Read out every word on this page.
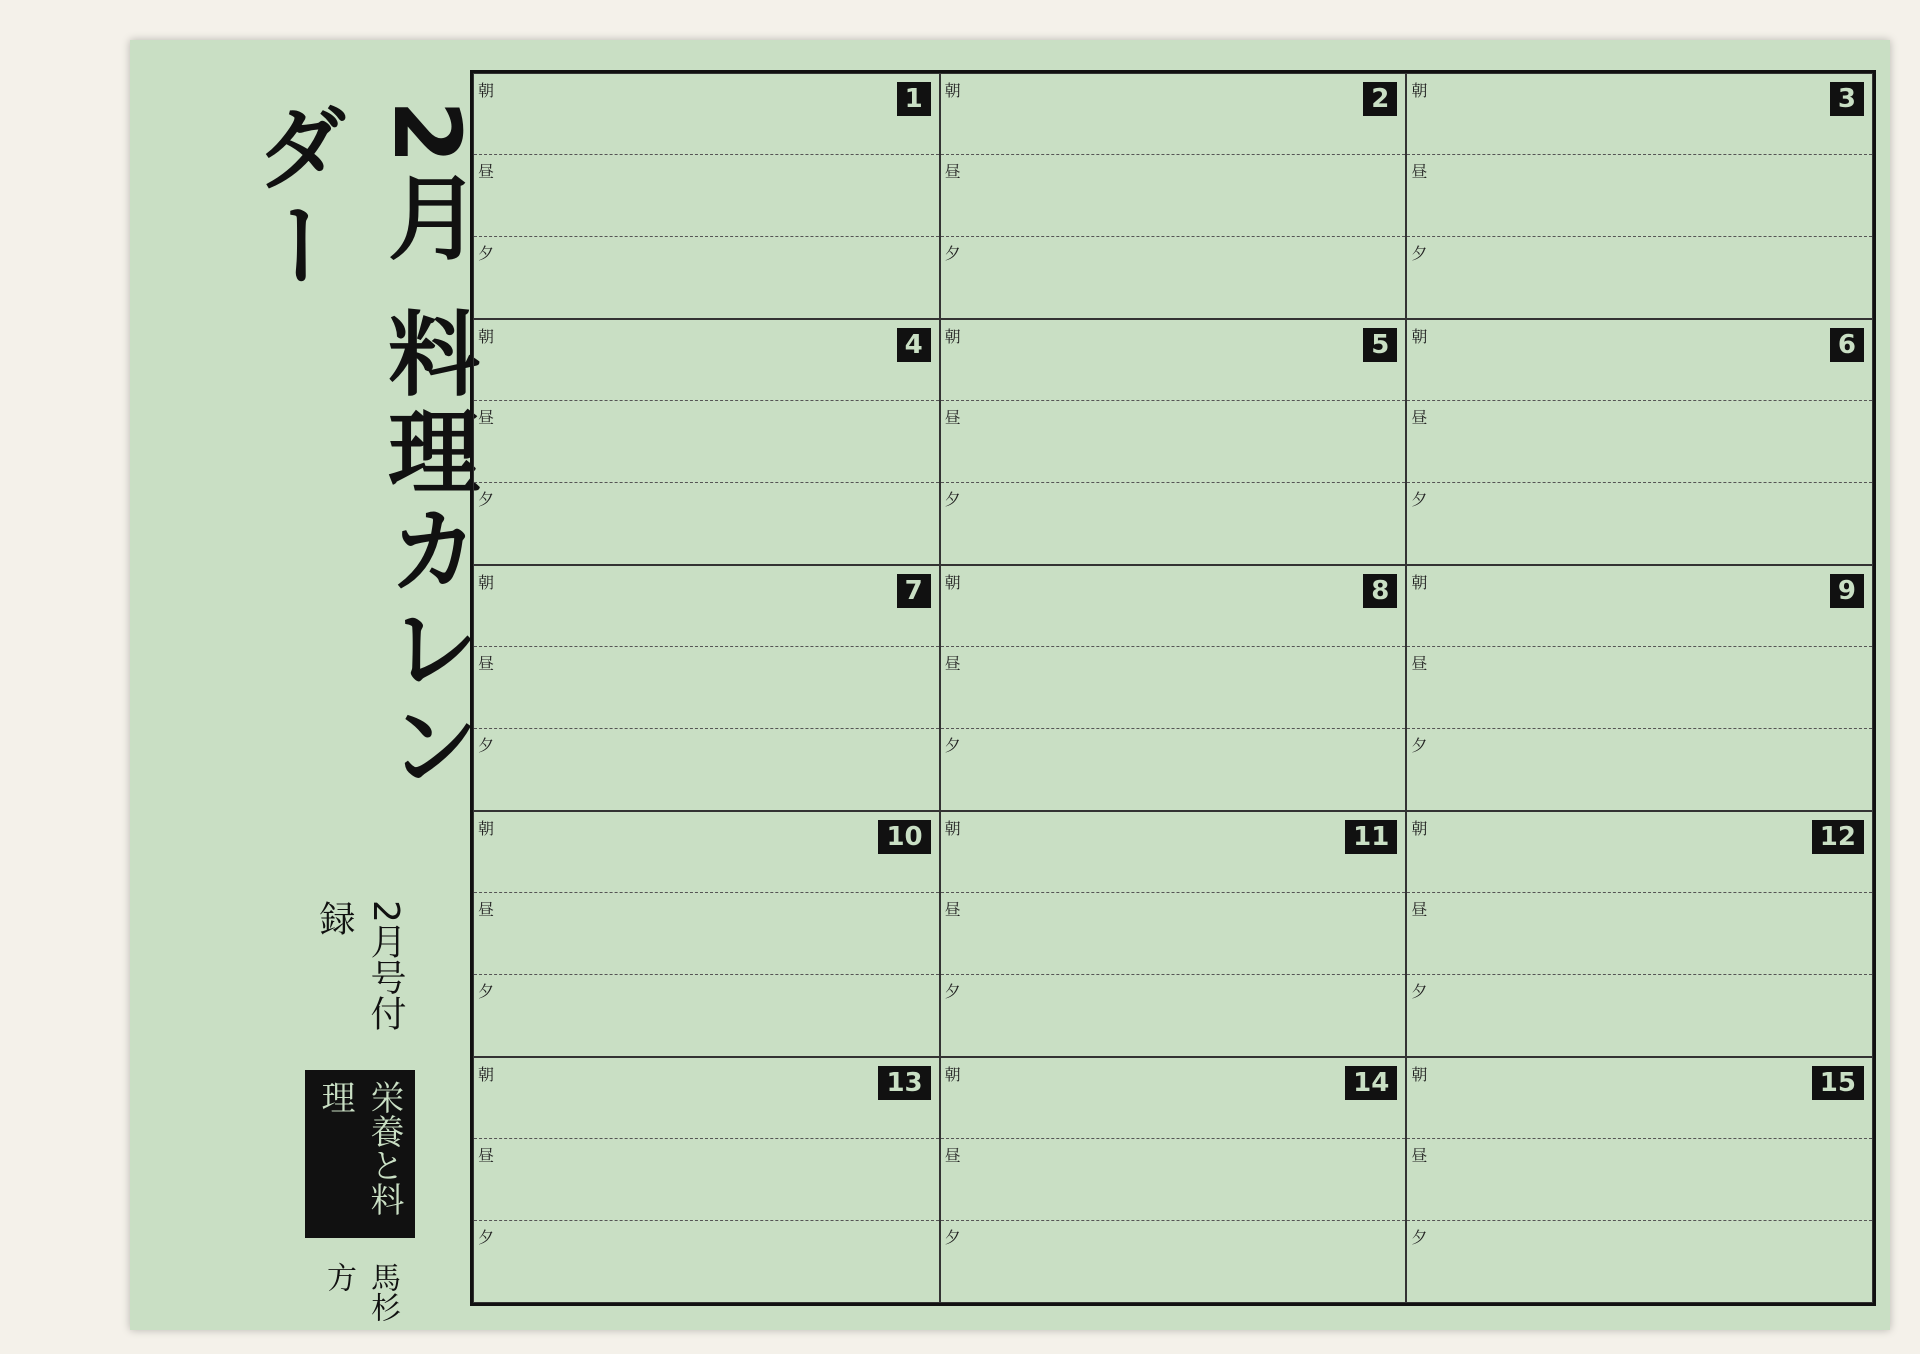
2月 料理カレンダー
2月号付録
栄養と料理
馬杉方
1
朝
昼
夕
2
朝
昼
夕
3
朝
昼
夕
4
朝
昼
夕
5
朝
昼
夕
6
朝
昼
夕
7
朝
昼
夕
8
朝
昼
夕
9
朝
昼
夕
10
朝
昼
夕
11
朝
昼
夕
12
朝
昼
夕
13
朝
昼
夕
14
朝
昼
夕
15
朝
昼
夕
